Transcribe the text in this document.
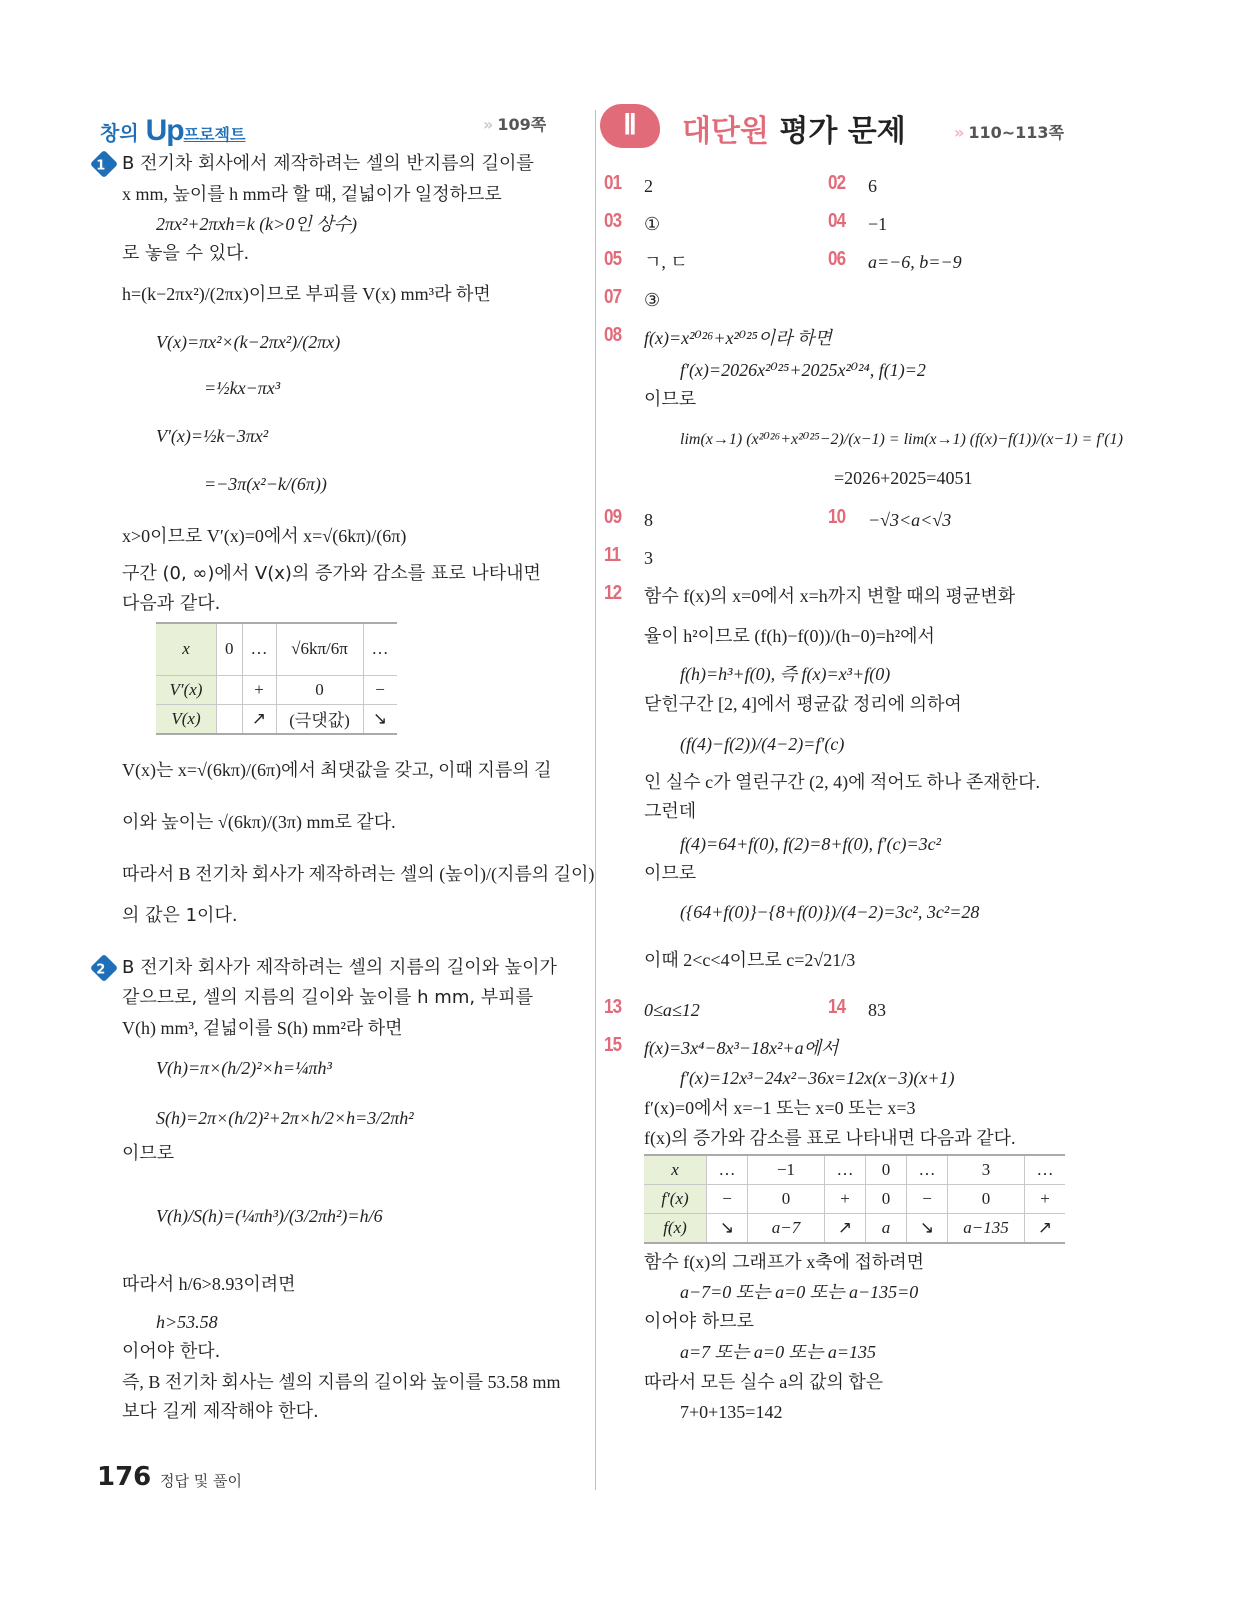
창의 Up프로젝트
» 109쪽
1 B 전기차 회사에서 제작하려는 셀의 반지름의 길이를
x mm, 높이를 h mm라 할 때, 겉넓이가 일정하므로
2πx²+2πxh=k (k>0인 상수)
로 놓을 수 있다.
h=(k−2πx²)/(2πx)이므로 부피를 V(x) mm³라 하면
V(x)=πx²×(k−2πx²)/(2πx)
=½kx−πx³
V′(x)=½k−3πx²
=−3π(x²−k/(6π))
x>0이므로 V′(x)=0에서 x=√(6kπ)/(6π)
구간 (0, ∞)에서 V(x)의 증가와 감소를 표로 나타내면
다음과 같다.
x	0	…	√6kπ/6π	…
V′(x)		+	0	−
V(x)		↗	(극댓값)	↘
V(x)는 x=√(6kπ)/(6π)에서 최댓값을 갖고, 이때 지름의 길
이와 높이는 √(6kπ)/(3π) mm로 같다.
따라서 B 전기차 회사가 제작하려는 셀의 (높이)/(지름의 길이)
의 값은 1이다.
2 B 전기차 회사가 제작하려는 셀의 지름의 길이와 높이가
같으므로, 셀의 지름의 길이와 높이를 h mm, 부피를
V(h) mm³, 겉넓이를 S(h) mm²라 하면
V(h)=π×(h/2)²×h=¼πh³
S(h)=2π×(h/2)²+2π×h/2×h=3/2πh²
이므로
V(h)/S(h)=(¼πh³)/(3/2πh²)=h/6
따라서 h/6>8.93이려면
h>53.58
이어야 한다.
즉, B 전기차 회사는 셀의 지름의 길이와 높이를 53.58 mm
보다 길게 제작해야 한다.
Ⅱ	대단원 평가 문제	» 110~113쪽
01 2	02 6
03 ①	04 −1
05 ㄱ, ㄷ	06 a=−6, b=−9
07 ③
08 f(x)=x²⁰²⁶+x²⁰²⁵이라 하면
f′(x)=2026x²⁰²⁵+2025x²⁰²⁴, f(1)=2
이므로
lim(x→1) (x²⁰²⁶+x²⁰²⁵−2)/(x−1) = lim(x→1) (f(x)−f(1))/(x−1) = f′(1)
=2026+2025=4051
09 8	10 −√3<a<√3
11 3
12 함수 f(x)의 x=0에서 x=h까지 변할 때의 평균변화
율이 h²이므로 (f(h)−f(0))/(h−0)=h²에서
f(h)=h³+f(0), 즉 f(x)=x³+f(0)
닫힌구간 [2, 4]에서 평균값 정리에 의하여
(f(4)−f(2))/(4−2)=f′(c)
인 실수 c가 열린구간 (2, 4)에 적어도 하나 존재한다.
그런데
f(4)=64+f(0), f(2)=8+f(0), f′(c)=3c²
이므로
({64+f(0)}−{8+f(0)})/(4−2)=3c², 3c²=28
이때 2<c<4이므로 c=2√21/3
13 0≤a≤12	14 83
15 f(x)=3x⁴−8x³−18x²+a에서
f′(x)=12x³−24x²−36x=12x(x−3)(x+1)
f′(x)=0에서 x=−1 또는 x=0 또는 x=3
f(x)의 증가와 감소를 표로 나타내면 다음과 같다.
x	…	−1	…	0	…	3	…
f′(x)	−	0	+	0	−	0	+
f(x)	↘	a−7	↗	a	↘	a−135	↗
함수 f(x)의 그래프가 x축에 접하려면
a−7=0 또는 a=0 또는 a−135=0
이어야 하므로
a=7 또는 a=0 또는 a=135
따라서 모든 실수 a의 값의 합은
7+0+135=142
176 정답 및 풀이
